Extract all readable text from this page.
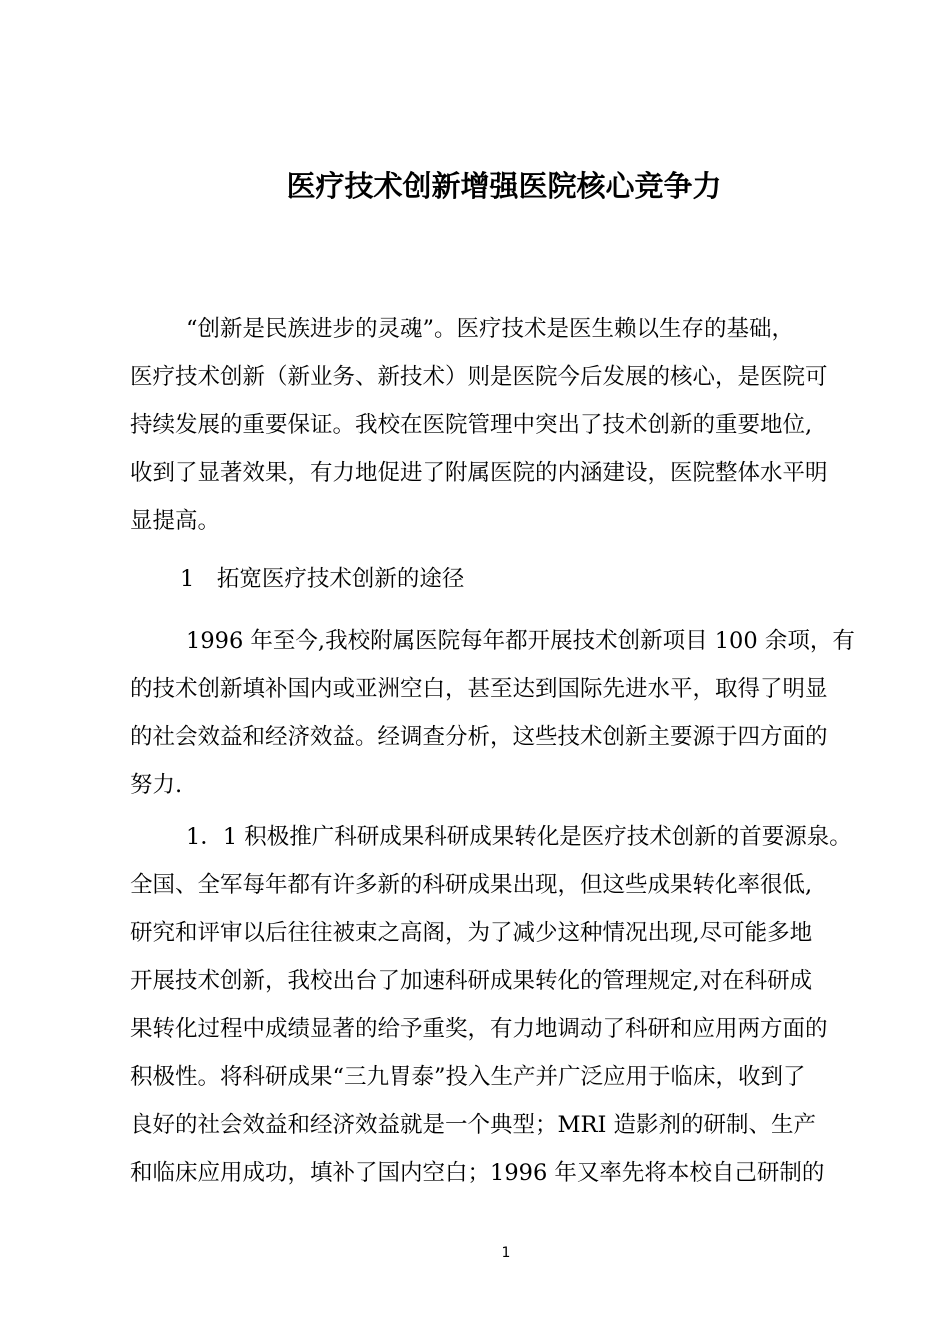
医疗技术创新增强医院核心竞争力

“创新是民族进步的灵魂”。医疗技术是医生赖以生存的基础，

医疗技术创新（新业务、新技术）则是医院今后发展的核心，是医院可

持续发展的重要保证。我校在医院管理中突出了技术创新的重要地位,

收到了显著效果，有力地促进了附属医院的内涵建设，医院整体水平明

显提高。

1　拓宽医疗技术创新的途径

1996 年至今,我校附属医院每年都开展技术创新项目 100 余项，有

的技术创新填补国内或亚洲空白，甚至达到国际先进水平，取得了明显

的社会效益和经济效益。经调查分析，这些技术创新主要源于四方面的

努力.

1．1 积极推广科研成果科研成果转化是医疗技术创新的首要源泉。

全国、全军每年都有许多新的科研成果出现，但这些成果转化率很低,

研究和评审以后往往被束之高阁，为了减少这种情况出现,尽可能多地

开展技术创新，我校出台了加速科研成果转化的管理规定,对在科研成

果转化过程中成绩显著的给予重奖，有力地调动了科研和应用两方面的

积极性。将科研成果“三九胃泰”投入生产并广泛应用于临床，收到了

良好的社会效益和经济效益就是一个典型；MRI 造影剂的研制、生产

和临床应用成功，填补了国内空白；1996 年又率先将本校自己研制的

1
